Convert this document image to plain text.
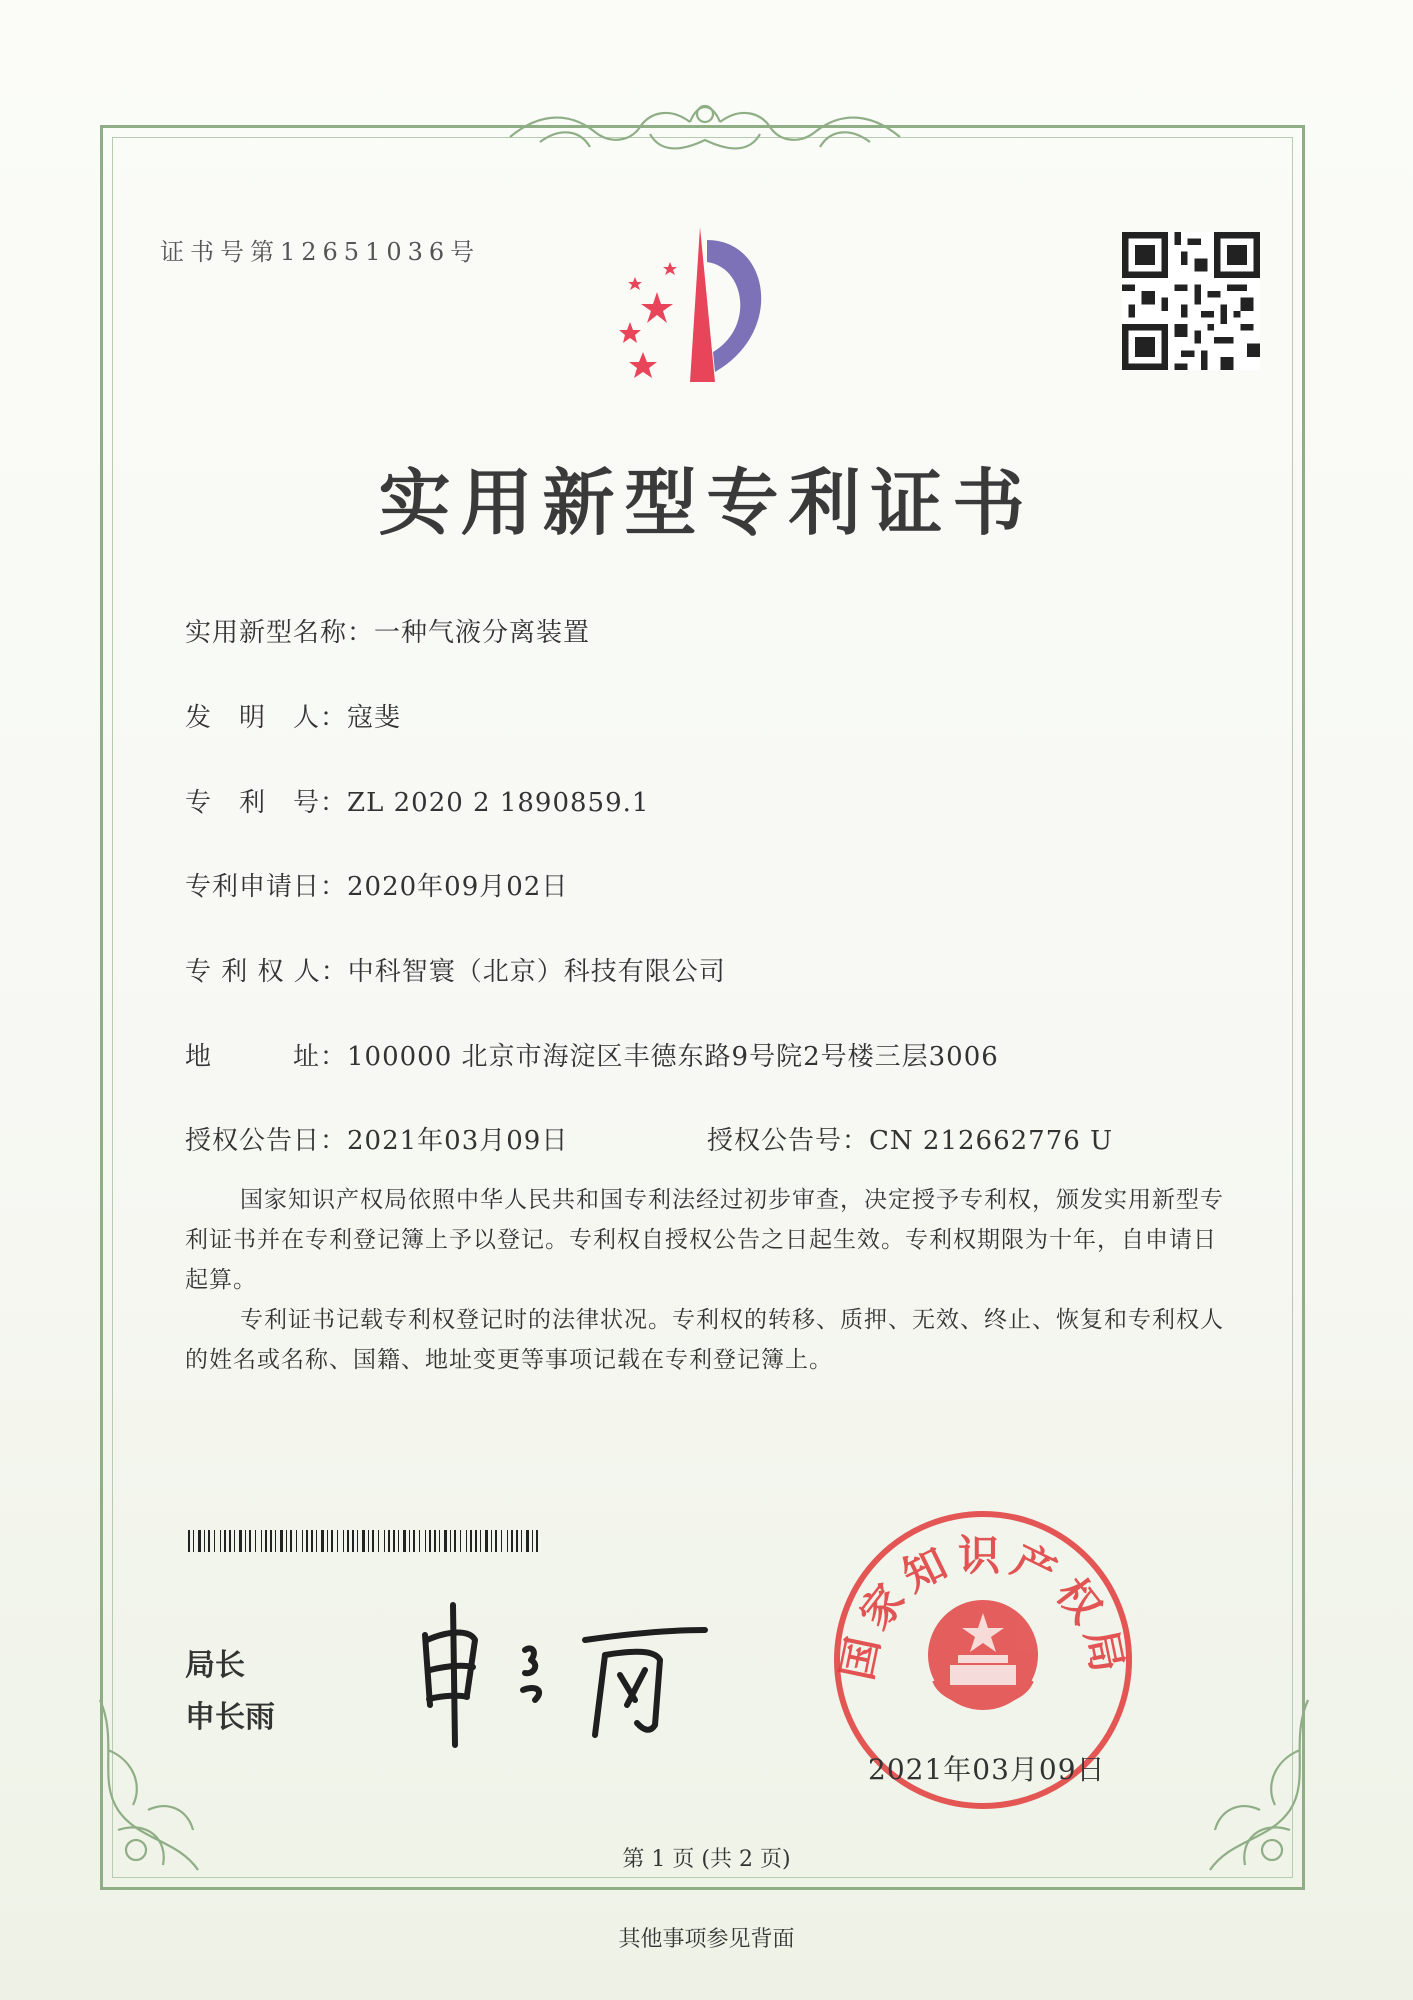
证书号第12651036号
实用新型专利证书
实用新型名称：一种气液分离装置
发　明　人：寇斐
专　利　号：ZL 2020 2 1890859.1
专利申请日：2020年09月02日
专 利 权 人：中科智寰（北京）科技有限公司
地　　　址：100000 北京市海淀区丰德东路9号院2号楼三层3006
授权公告日：2021年03月09日	授权公告号：CN 212662776 U
国家知识产权局依照中华人民共和国专利法经过初步审查，决定授予专利权，颁发实用新型专利证书并在专利登记簿上予以登记。专利权自授权公告之日起生效。专利权期限为十年，自申请日起算。
专利证书记载专利权登记时的法律状况。专利权的转移、质押、无效、终止、恢复和专利权人的姓名或名称、国籍、地址变更等事项记载在专利登记簿上。
局长
申长雨
国家知识产权局
2021年03月09日
第 1 页 (共 2 页)
其他事项参见背面
